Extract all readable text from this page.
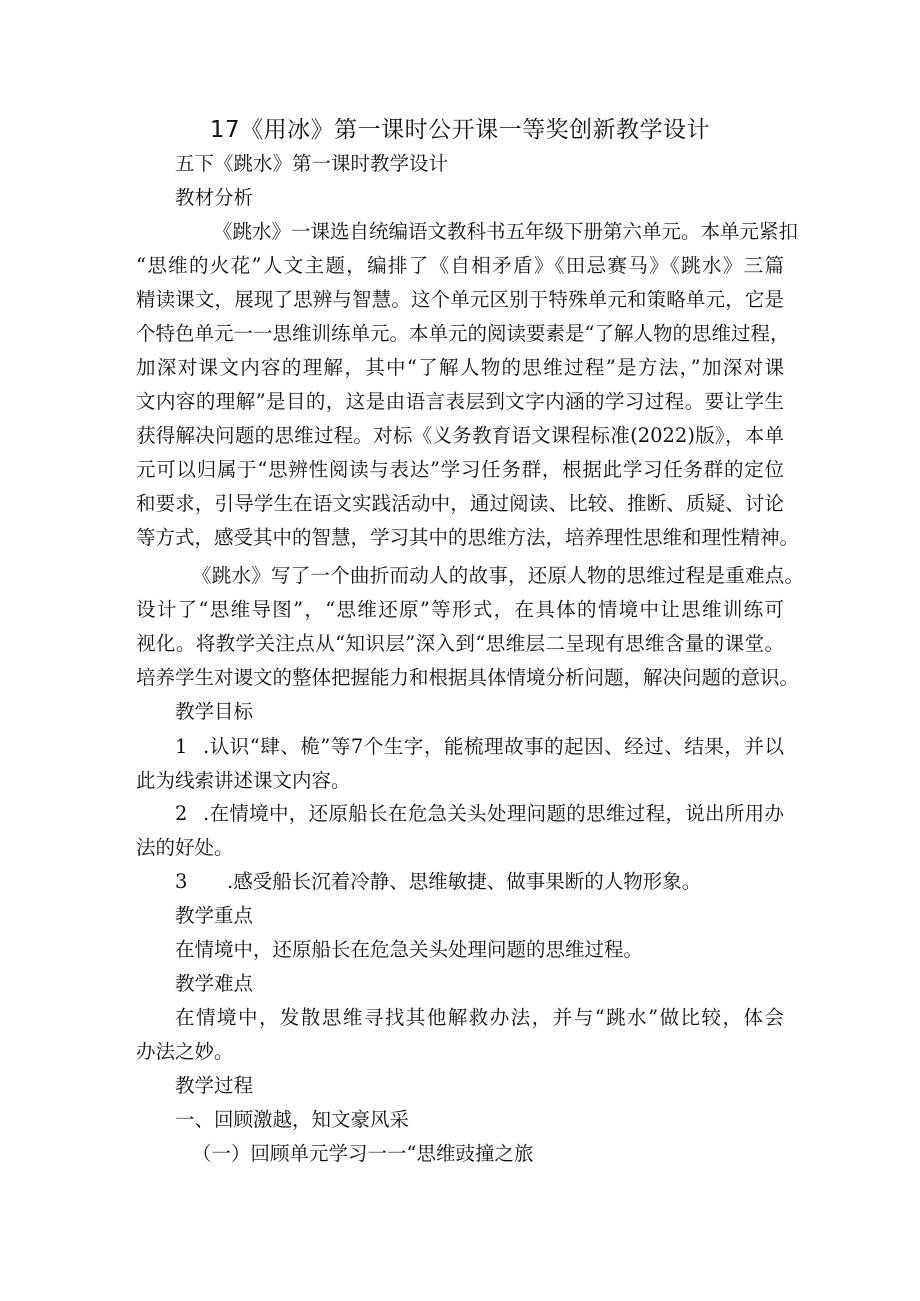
17《用冰》第一课时公开课一等奖创新教学设计
五下《跳水》第一课时教学设计
教材分析
《跳水》一课选自统编语文教科书五年级下册第六单元。本单元紧扣
“思维的火花”人文主题，编排了《自相矛盾》《田忌赛马》《跳水》三篇
精读课文，展现了思辨与智慧。这个单元区别于特殊单元和策略单元，它是
个特色单元一一思维训练单元。本单元的阅读要素是“了解人物的思维过程，
加深对课文内容的理解，其中“了解人物的思维过程”是方法，”加深对课
文内容的理解”是目的，这是由语言表层到文字内涵的学习过程。要让学生
获得解决问题的思维过程。对标《义务教育语文课程标准(2022)版》，本单
元可以归属于“思辨性阅读与表达”学习任务群，根据此学习任务群的定位
和要求，引导学生在语文实践活动中，通过阅读、比较、推断、质疑、讨论
等方式，感受其中的智慧，学习其中的思维方法，培养理性思维和理性精神。
《跳水》写了一个曲折而动人的故事，还原人物的思维过程是重难点。
设计了“思维导图”，“思维还原”等形式，在具体的情境中让思维训练可
视化。将教学关注点从“知识层”深入到“思维层二呈现有思维含量的课堂。
培养学生对谡文的整体把握能力和根据具体情境分析问题，解决问题的意识。
教学目标
1 .认识“肆、桅”等7个生字，能梳理故事的起因、经过、结果，并以
此为线索讲述课文内容。
2 .在情境中，还原船长在危急关头处理问题的思维过程，说出所用办
法的好处。
3 .感受船长沉着冷静、思维敏捷、做事果断的人物形象。
教学重点
在情境中，还原船长在危急关头处理问题的思维过程。
教学难点
在情境中，发散思维寻找其他解救办法，并与“跳水”做比较，体会
办法之妙。
教学过程
一、回顾激越，知文豪风采
（一）回顾单元学习一一“思维豉撞之旅
